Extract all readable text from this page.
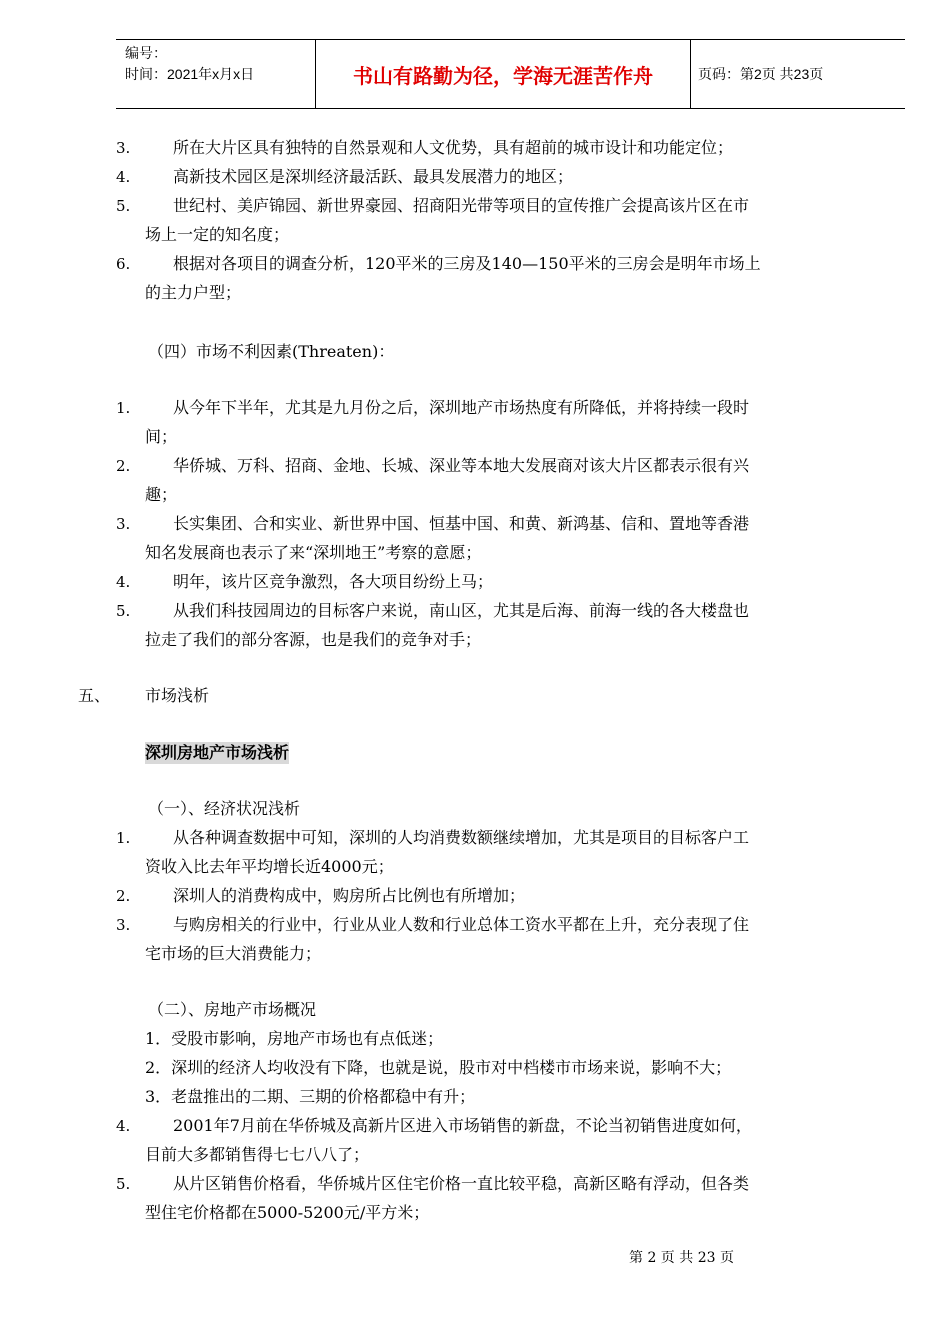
编号：
时间：2021年x月x日	书山有路勤为径，学海无涯苦作舟	页码：第2页 共23页
3.	所在大片区具有独特的自然景观和人文优势，具有超前的城市设计和功能定位；
4.	高新技术园区是深圳经济最活跃、最具发展潜力的地区；
5.	世纪村、美庐锦园、新世界豪园、招商阳光带等项目的宣传推广会提高该片区在市
场上一定的知名度；
6.	根据对各项目的调查分析，120平米的三房及140—150平米的三房会是明年市场上
的主力户型；
（四）市场不利因素(Threaten)：
1.	从今年下半年，尤其是九月份之后，深圳地产市场热度有所降低，并将持续一段时
间；
2.	华侨城、万科、招商、金地、长城、深业等本地大发展商对该大片区都表示很有兴
趣；
3.	长实集团、合和实业、新世界中国、恒基中国、和黄、新鸿基、信和、置地等香港
知名发展商也表示了来“深圳地王”考察的意愿；
4.	明年，该片区竞争激烈，各大项目纷纷上马；
5.	从我们科技园周边的目标客户来说，南山区，尤其是后海、前海一线的各大楼盘也
拉走了我们的部分客源，也是我们的竞争对手；
五、 市场浅析
深圳房地产市场浅析
（一）、经济状况浅析
1.	从各种调查数据中可知，深圳的人均消费数额继续增加，尤其是项目的目标客户工
资收入比去年平均增长近4000元；
2.	深圳人的消费构成中，购房所占比例也有所增加；
3.	与购房相关的行业中，行业从业人数和行业总体工资水平都在上升，充分表现了住
宅市场的巨大消费能力；
（二）、房地产市场概况
1．受股市影响，房地产市场也有点低迷；
2．深圳的经济人均收没有下降，也就是说，股市对中档楼市市场来说，影响不大；
3．老盘推出的二期、三期的价格都稳中有升；
4.	2001年7月前在华侨城及高新片区进入市场销售的新盘，不论当初销售进度如何，
目前大多都销售得七七八八了；
5.	从片区销售价格看，华侨城片区住宅价格一直比较平稳，高新区略有浮动，但各类
型住宅价格都在5000-5200元/平方米；
第 2 页 共 23 页
